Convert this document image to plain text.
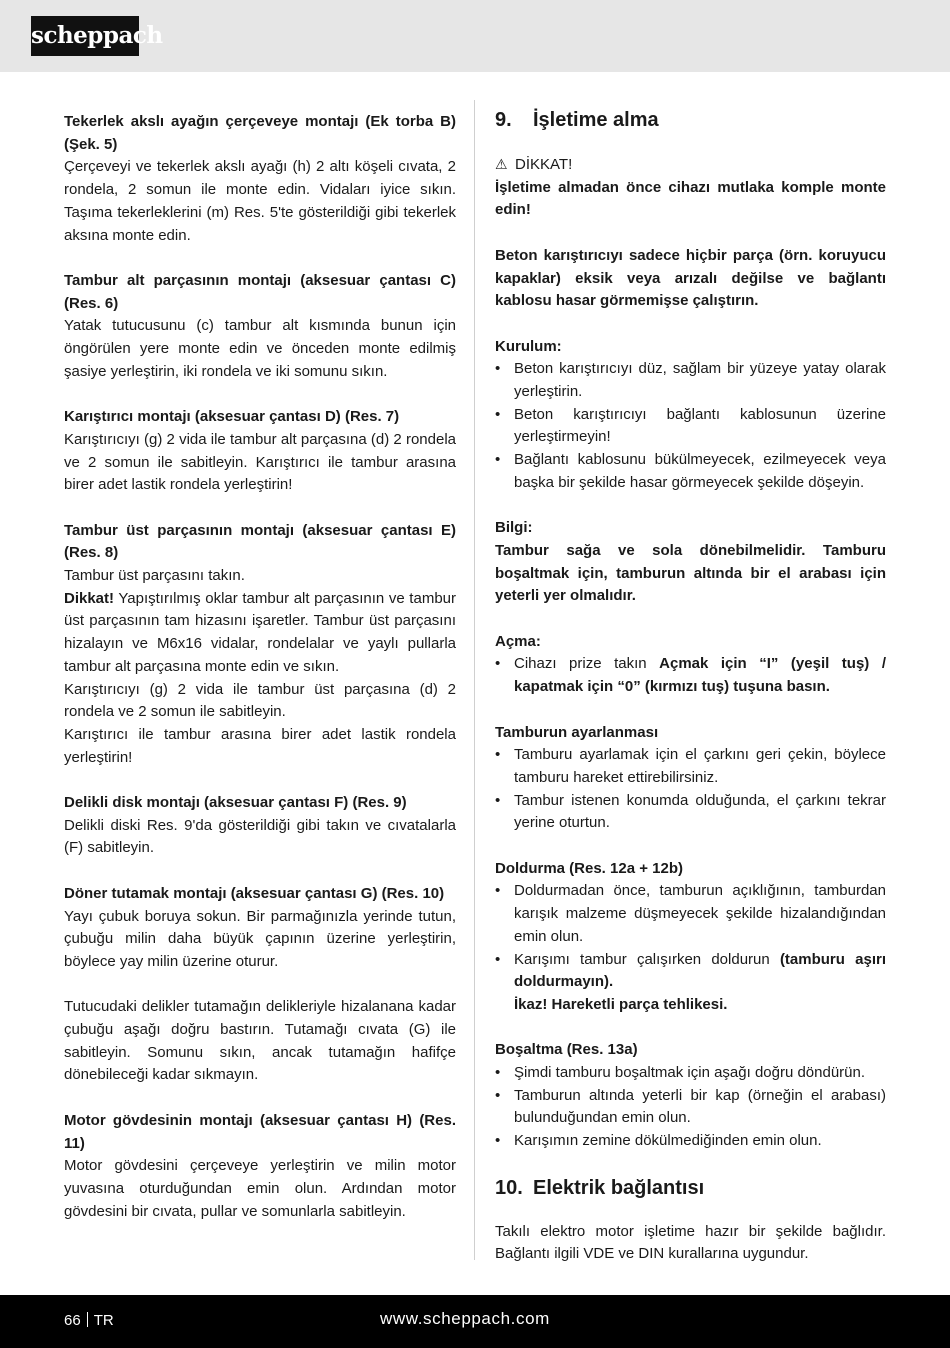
scheppach

Tekerlek akslı ayağın çerçeveye montajı (Ek torba B) (Şek. 5)

Çerçeveyi ve tekerlek akslı ayağı (h) 2 altı köşeli cıvata, 2 rondela, 2 somun ile monte edin. Vidaları iyice sıkın. Taşıma tekerleklerini (m) Res. 5'te gösterildiği gibi tekerlek aksına monte edin.

Tambur alt parçasının montajı (aksesuar çantası C) (Res. 6)

Yatak tutucusunu (c) tambur alt kısmında bunun için öngörülen yere monte edin ve önceden monte edilmiş şasiye yerleştirin, iki rondela ve iki somunu sıkın.

Karıştırıcı montajı (aksesuar çantası D) (Res. 7)

Karıştırıcıyı (g) 2 vida ile tambur alt parçasına (d) 2 rondela ve 2 somun ile sabitleyin. Karıştırıcı ile tambur arasına birer adet lastik rondela yerleştirin!

Tambur üst parçasının montajı (aksesuar çantası E) (Res. 8)

Tambur üst parçasını takın.

Dikkat! Yapıştırılmış oklar tambur alt parçasının ve tambur üst parçasının tam hizasını işaretler. Tambur üst parçasını hizalayın ve M6x16 vidalar, rondelalar ve yaylı pullarla tambur alt parçasına monte edin ve sıkın.

Karıştırıcıyı (g) 2 vida ile tambur üst parçasına (d) 2 rondela ve 2 somun ile sabitleyin.

Karıştırıcı ile tambur arasına birer adet lastik rondela yerleştirin!

Delikli disk montajı (aksesuar çantası F) (Res. 9)

Delikli diski Res. 9'da gösterildiği gibi takın ve cıvatalarla (F) sabitleyin.

Döner tutamak montajı (aksesuar çantası G) (Res. 10)

Yayı çubuk boruya sokun. Bir parmağınızla yerinde tutun, çubuğu milin daha büyük çapının üzerine yerleştirin, böylece yay milin üzerine oturur.

Tutucudaki delikler tutamağın delikleriyle hizalanana kadar çubuğu aşağı doğru bastırın. Tutamağı cıvata (G) ile sabitleyin. Somunu sıkın, ancak tutamağın hafifçe dönebileceği kadar sıkmayın.

Motor gövdesinin montajı (aksesuar çantası H) (Res. 11)

Motor gövdesini çerçeveye yerleştirin ve milin motor yuvasına oturduğundan emin olun. Ardından motor gövdesini bir cıvata, pullar ve somunlarla sabitleyin.

9. İşletime alma

⚠ DİKKAT!

İşletime almadan önce cihazı mutlaka komple monte edin!

Beton karıştırıcıyı sadece hiçbir parça (örn. koruyucu kapaklar) eksik veya arızalı değilse ve bağlantı kablosu hasar görmemişse çalıştırın.

Kurulum:

• Beton karıştırıcıyı düz, sağlam bir yüzeye yatay olarak yerleştirin.
• Beton karıştırıcıyı bağlantı kablosunun üzerine yerleştirmeyin!
• Bağlantı kablosunu bükülmeyecek, ezilmeyecek veya başka bir şekilde hasar görmeyecek şekilde döşeyin.

Bilgi:

Tambur sağa ve sola dönebilmelidir. Tamburu boşaltmak için, tamburun altında bir el arabası için yeterli yer olmalıdır.

Açma:

• Cihazı prize takın Açmak için “I” (yeşil tuş) / kapatmak için “0” (kırmızı tuş) tuşuna basın.

Tamburun ayarlanması

• Tamburu ayarlamak için el çarkını geri çekin, böylece tamburu hareket ettirebilirsiniz.
• Tambur istenen konumda olduğunda, el çarkını tekrar yerine oturtun.

Doldurma (Res. 12a + 12b)

• Doldurmadan önce, tamburun açıklığının, tamburdan karışık malzeme düşmeyecek şekilde hizalandığından emin olun.
• Karışımı tambur çalışırken doldurun (tamburu aşırı doldurmayın).
İkaz! Hareketli parça tehlikesi.

Boşaltma (Res. 13a)

• Şimdi tamburu boşaltmak için aşağı doğru döndürün.
• Tamburun altında yeterli bir kap (örneğin el arabası) bulunduğundan emin olun.
• Karışımın zemine dökülmediğinden emin olun.
10. Elektrik bağlantısı

Takılı elektro motor işletime hazır bir şekilde bağlıdır. Bağlantı ilgili VDE ve DIN kurallarına uygundur.

66 TR	www.scheppach.com
